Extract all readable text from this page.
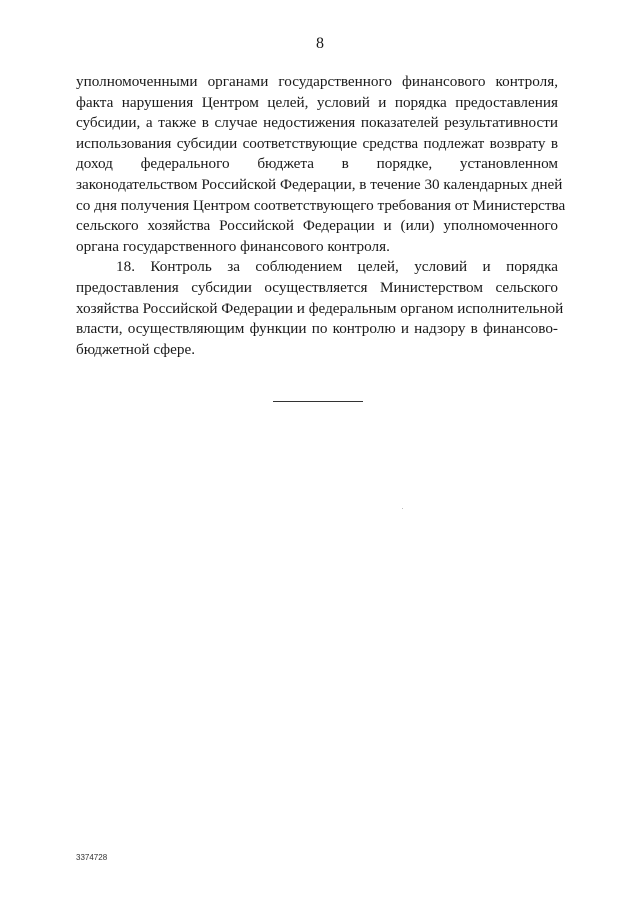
8

уполномоченными органами государственного финансового контроля,
факта нарушения Центром целей, условий и порядка предоставления
субсидии, а также в случае недостижения показателей результативности
использования субсидии соответствующие средства подлежат возврату в
доход федерального бюджета в порядке, установленном
законодательством Российской Федерации, в течение 30 календарных дней
со дня получения Центром соответствующего требования от Министерства
сельского хозяйства Российской Федерации и (или) уполномоченного
органа государственного финансового контроля.

18. Контроль за соблюдением целей, условий и порядка
предоставления субсидии осуществляется Министерством сельского
хозяйства Российской Федерации и федеральным органом исполнительной
власти, осуществляющим функции по контролю и надзору в финансово-
бюджетной сфере.

3374728
